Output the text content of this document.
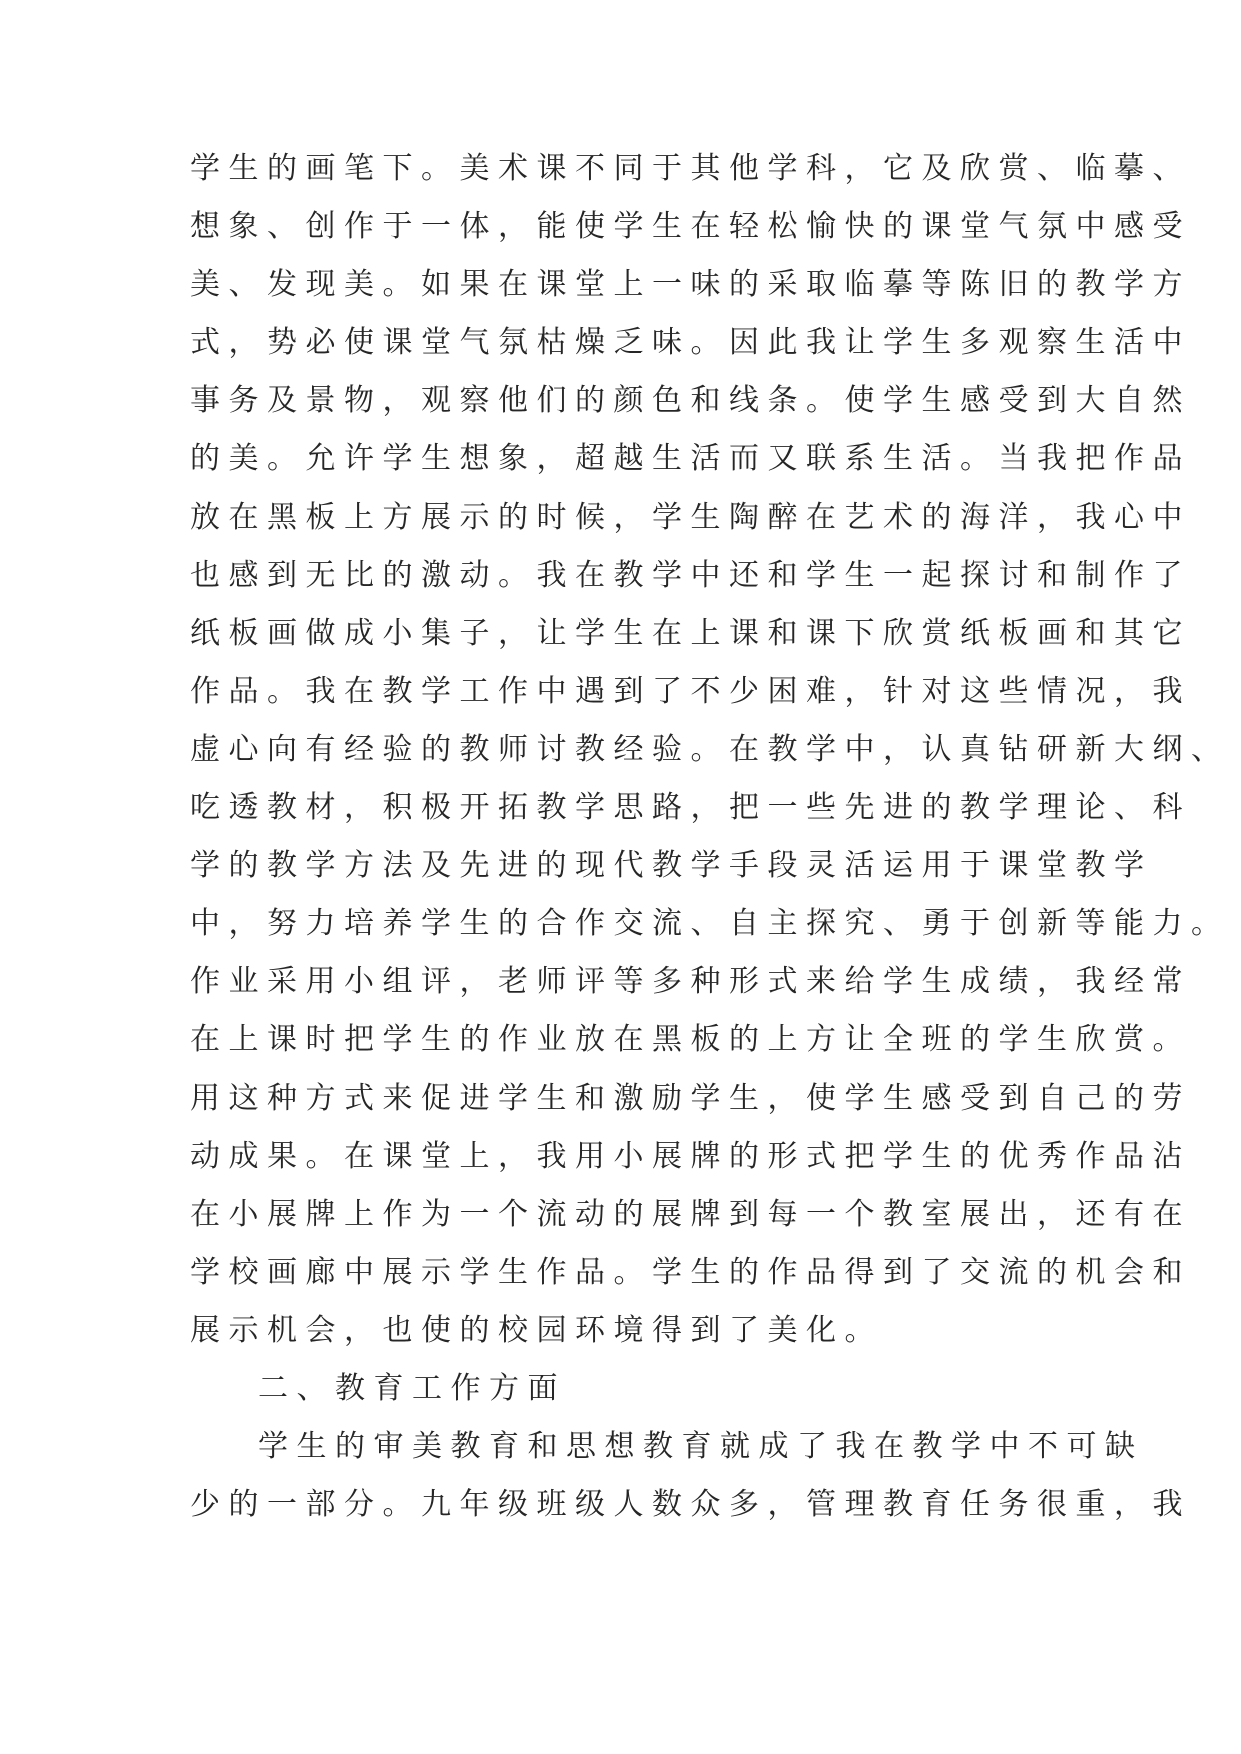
学生的画笔下。美术课不同于其他学科，它及欣赏、临摹、
想象、创作于一体，能使学生在轻松愉快的课堂气氛中感受
美、发现美。如果在课堂上一味的采取临摹等陈旧的教学方
式，势必使课堂气氛枯燥乏味。因此我让学生多观察生活中
事务及景物，观察他们的颜色和线条。使学生感受到大自然
的美。允许学生想象，超越生活而又联系生活。当我把作品
放在黑板上方展示的时候，学生陶醉在艺术的海洋，我心中
也感到无比的激动。我在教学中还和学生一起探讨和制作了
纸板画做成小集子，让学生在上课和课下欣赏纸板画和其它
作品。我在教学工作中遇到了不少困难，针对这些情况，我
虚心向有经验的教师讨教经验。在教学中，认真钻研新大纲、
吃透教材，积极开拓教学思路，把一些先进的教学理论、科
学的教学方法及先进的现代教学手段灵活运用于课堂教学
中，努力培养学生的合作交流、自主探究、勇于创新等能力。
作业采用小组评，老师评等多种形式来给学生成绩，我经常
在上课时把学生的作业放在黑板的上方让全班的学生欣赏。
用这种方式来促进学生和激励学生，使学生感受到自己的劳
动成果。在课堂上，我用小展牌的形式把学生的优秀作品沾
在小展牌上作为一个流动的展牌到每一个教室展出，还有在
学校画廊中展示学生作品。学生的作品得到了交流的机会和
展示机会，也使的校园环境得到了美化。
二、教育工作方面
学生的审美教育和思想教育就成了我在教学中不可缺
少的一部分。九年级班级人数众多，管理教育任务很重，我
